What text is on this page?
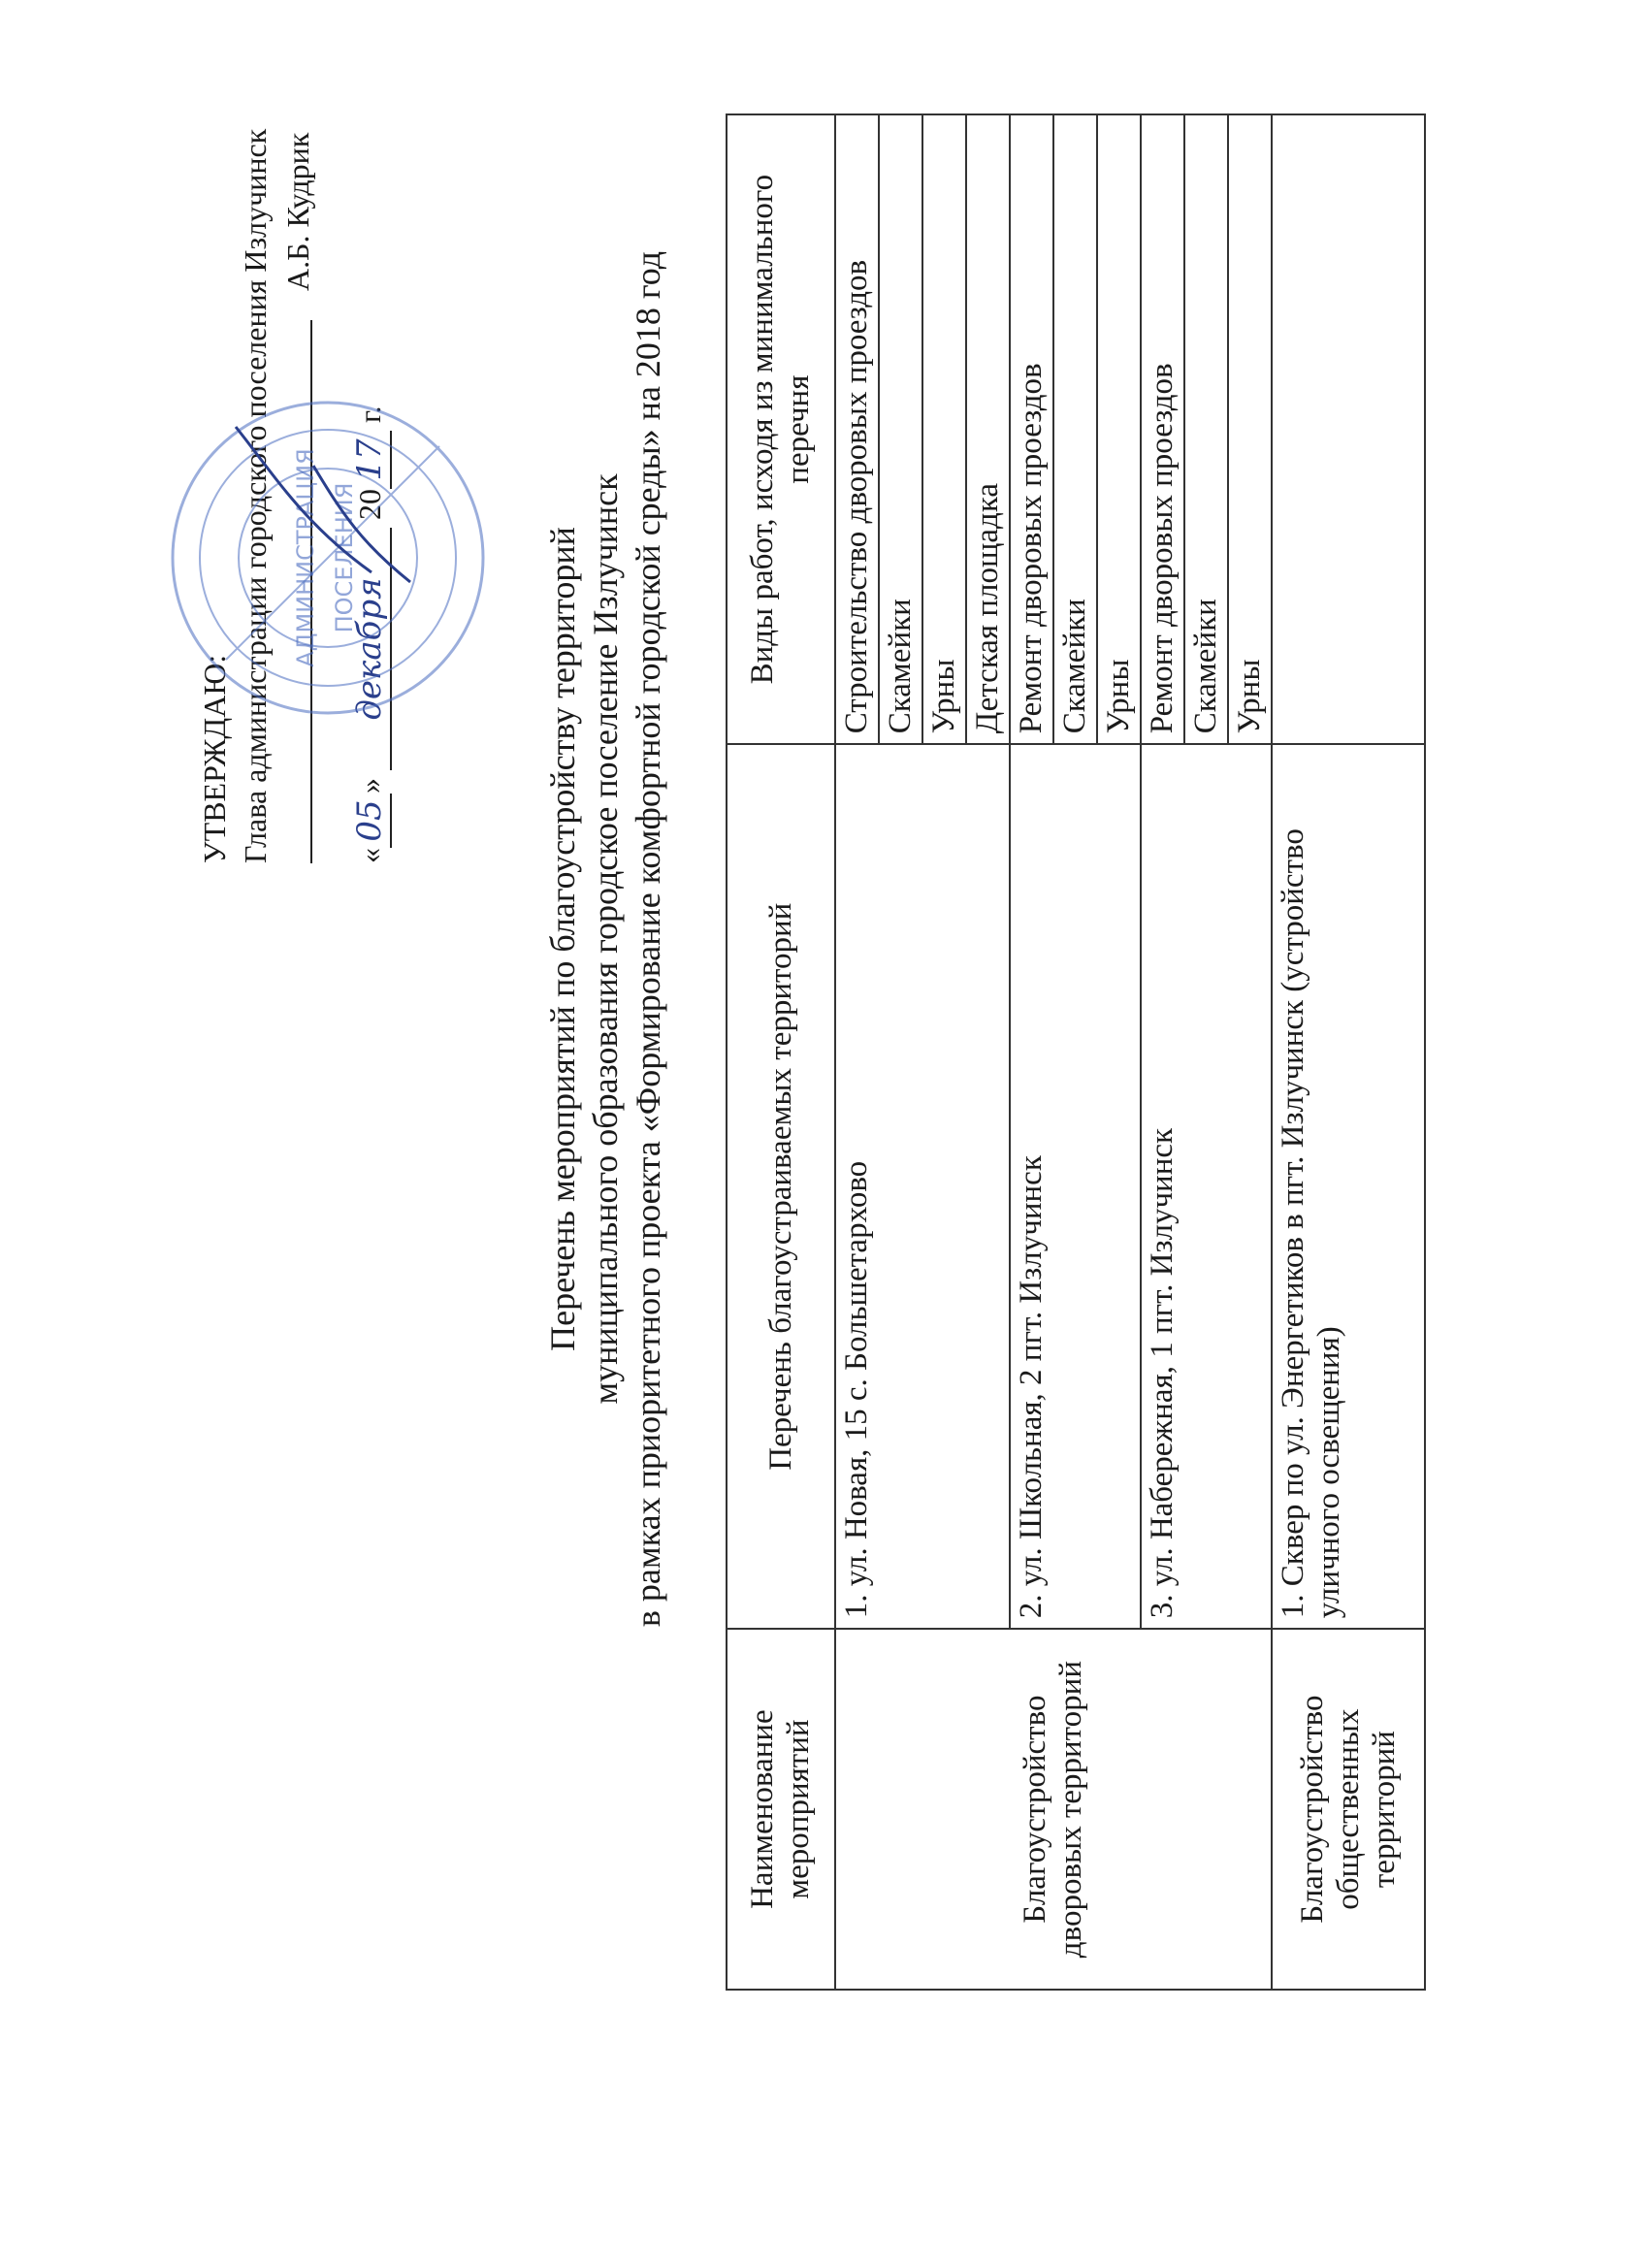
УТВЕРЖДАЮ: Глава администрации городского поселения Излучинск А.Б. Кудрик
«05» декабря 2017 г.
АДМИНИСТРАЦИЯ ПОСЕЛЕНИЯ	Перечень мероприятий по благоустройству территорий муниципального образования городское поселение Излучинск в рамках приоритетного проекта «Формирование комфортной городской среды» на 2018 год
Наименование мероприятий	Перечень благоустраиваемых территорий	Виды работ, исходя из минимального перечня
Благоустройство дворовых территорий	1. ул. Новая, 15 с. Большетархово	Строительство дворовых проездов
		Скамейки
		Урны
		Детская площадка
	2. ул. Школьная, 2 пгт. Излучинск	Ремонт дворовых проездов
		Скамейки
		Урны
	3. ул. Набережная, 1 пгт. Излучинск	Ремонт дворовых проездов
		Скамейки
		Урны
Благоустройство общественных территорий	1. Сквер по ул. Энергетиков в пгт. Излучинск (устройство уличного освещения)	
